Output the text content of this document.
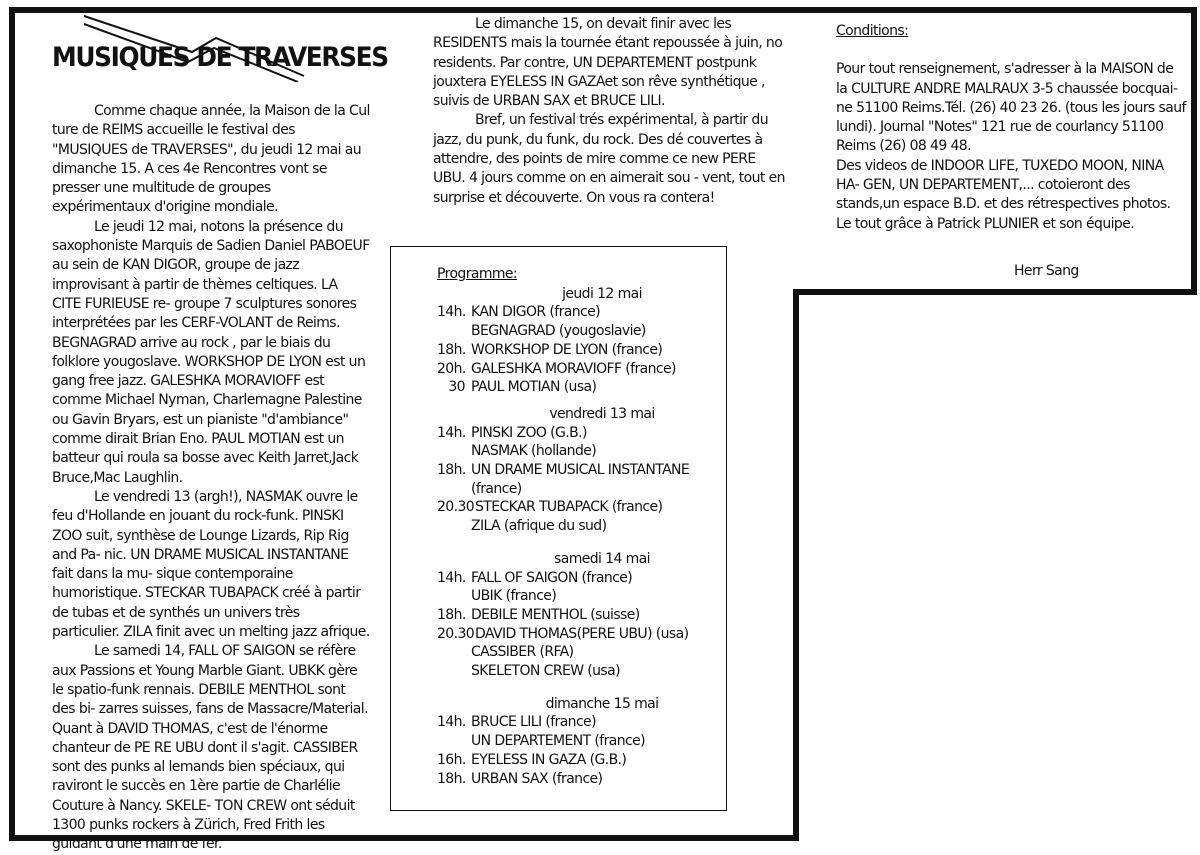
MUSIQUES DE TRAVERSES

Comme chaque année, la Maison de la Cul ture de REIMS accueille le festival des "MUSIQUES de TRAVERSES", du jeudi 12 mai au dimanche 15. A ces 4e Rencontres vont se presser une multitude de groupes expérimentaux d'origine mondiale.

Le jeudi 12 mai, notons la présence du saxophoniste Marquis de Sadien Daniel PABOEUF au sein de KAN DIGOR, groupe de jazz improvisant à partir de thèmes celtiques. LA CITE FURIEUSE re- groupe 7 sculptures sonores interprétées par les CERF-VOLANT de Reims. BEGNAGRAD arrive au rock , par le biais du folklore yougoslave. WORKSHOP DE LYON est un gang free jazz. GALESHKA MORAVIOFF est comme Michael Nyman, Charlemagne Palestine ou Gavin Bryars, est un pianiste "d'ambiance" comme dirait Brian Eno. PAUL MOTIAN est un batteur qui roula sa bosse avec Keith Jarret,Jack Bruce,Mac Laughlin.

Le vendredi 13 (argh!), NASMAK ouvre le feu d'Hollande en jouant du rock-funk. PINSKI ZOO suit, synthèse de Lounge Lizards, Rip Rig and Pa- nic. UN DRAME MUSICAL INSTANTANE fait dans la mu- sique contemporaine humoristique. STECKAR TUBAPACK créé à partir de tubas et de synthés un univers très particulier. ZILA finit avec un melting jazz afrique.

Le samedi 14, FALL OF SAIGON se réfère aux Passions et Young Marble Giant. UBKK gère le spatio-funk rennais. DEBILE MENTHOL sont des bi- zarres suisses, fans de Massacre/Material. Quant à DAVID THOMAS, c'est de l'énorme chanteur de PE RE UBU dont il s'agit. CASSIBER sont des punks al lemands bien spéciaux, qui raviront le succès en 1ère partie de Charlélie Couture à Nancy. SKELE- TON CREW ont séduit 1300 punks rockers à Zürich, Fred Frith les guidant d'une main de fer.

Le dimanche 15, on devait finir avec les RESIDENTS mais la tournée étant repoussée à juin, no residents. Par contre, UN DEPARTEMENT postpunk jouxtera EYELESS IN GAZAet son rêve synthétique , suivis de URBAN SAX et BRUCE LILI.

Bref, un festival trés expérimental, à partir du jazz, du punk, du funk, du rock. Des dé couvertes à attendre, des points de mire comme ce new PERE UBU. 4 jours comme on en aimerait sou - vent, tout en surprise et découverte. On vous ra contera!

Programme:
jeudi 12 mai
14h. KAN DIGOR (france)
BEGNAGRAD (yougoslavie)
18h. WORKSHOP DE LYON (france)
20h. GALESHKA MORAVIOFF (france)
30 PAUL MOTIAN (usa)
vendredi 13 mai
14h. PINSKI ZOO (G.B.)
NASMAK (hollande)
18h. UN DRAME MUSICAL INSTANTANE (france)
20.30 STECKAR TUBAPACK (france)
ZILA (afrique du sud)
samedi 14 mai
14h. FALL OF SAIGON (france)
UBIK (france)
18h. DEBILE MENTHOL (suisse)
20.30 DAVID THOMAS(PERE UBU) (usa)
CASSIBER (RFA)
SKELETON CREW (usa)
dimanche 15 mai
14h. BRUCE LILI (france)
UN DEPARTEMENT (france)
16h. EYELESS IN GAZA (G.B.)
18h. URBAN SAX (france)

Conditions:

Pour tout renseignement, s'adresser à la MAISON de la CULTURE ANDRE MALRAUX 3-5 chaussée bocquai- ne 51100 Reims.Tél. (26) 40 23 26. (tous les jours sauf lundi). Journal "Notes" 121 rue de courlancy 51100 Reims (26) 08 49 48.

Des videos de INDOOR LIFE, TUXEDO MOON, NINA HA- GEN, UN DEPARTEMENT,... cotoieront des stands,un espace B.D. et des rétrespectives photos. Le tout grâce à Patrick PLUNIER et son équipe.

Herr Sang
